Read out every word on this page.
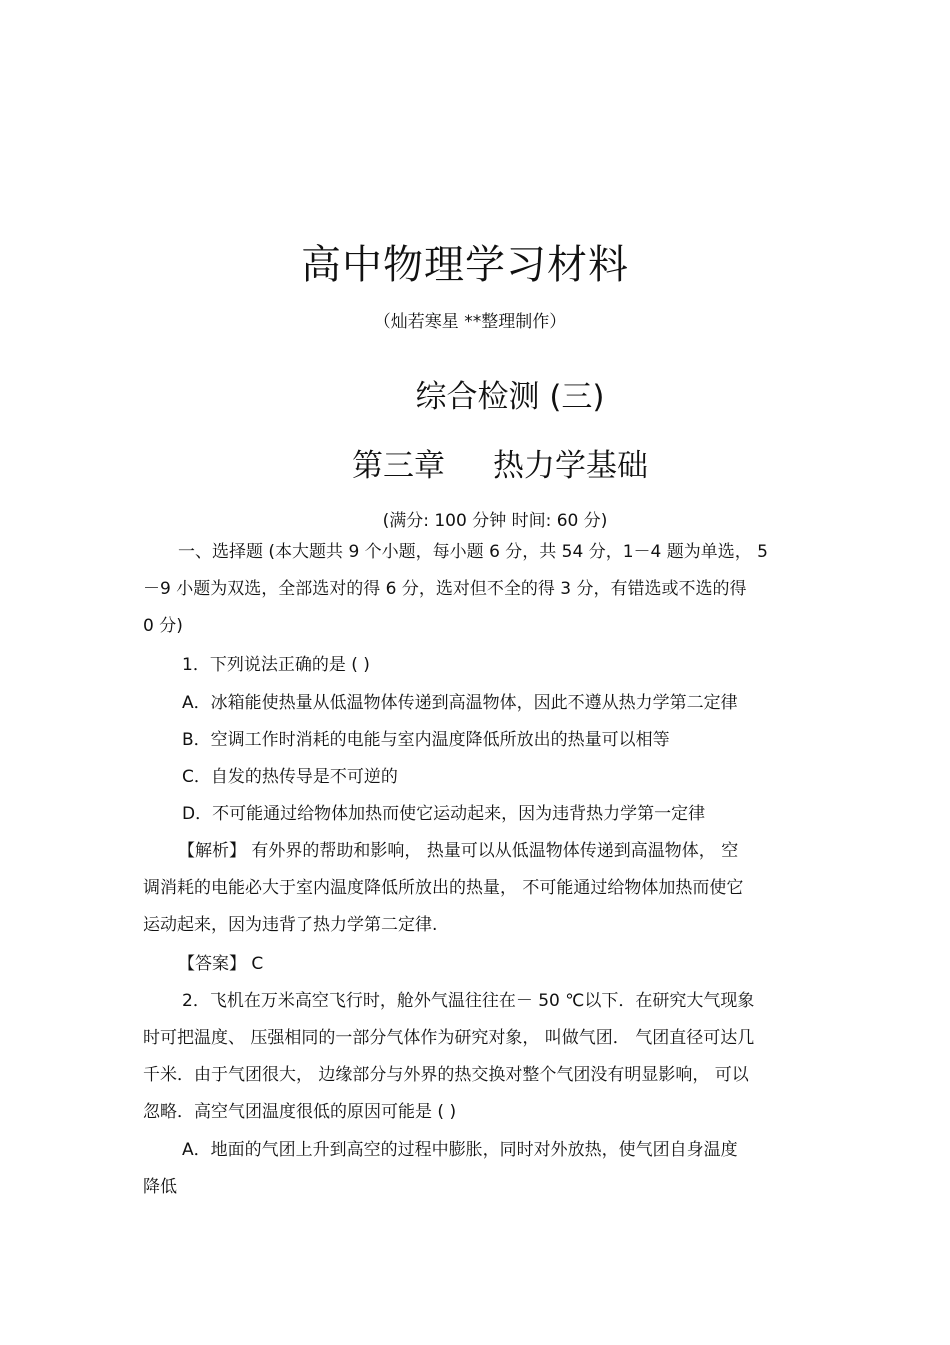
高中物理学习材料
（灿若寒星 **整理制作）
综合检测 (三)
第三章 热力学基础
(满分: 100 分钟 时间: 60 分)
一、选择题 (本大题共 9 个小题，每小题 6 分，共 54 分，1－4 题为单选， 5
－9 小题为双选，全部选对的得 6 分，选对但不全的得 3 分，有错选或不选的得
0 分)
1．下列说法正确的是 ( )
A．冰箱能使热量从低温物体传递到高温物体，因此不遵从热力学第二定律
B．空调工作时消耗的电能与室内温度降低所放出的热量可以相等
C．自发的热传导是不可逆的
D．不可能通过给物体加热而使它运动起来，因为违背热力学第一定律
【解析】 有外界的帮助和影响， 热量可以从低温物体传递到高温物体， 空
调消耗的电能必大于室内温度降低所放出的热量， 不可能通过给物体加热而使它
运动起来，因为违背了热力学第二定律.
【答案】 C
2．飞机在万米高空飞行时，舱外气温往往在－ 50 ℃以下．在研究大气现象
时可把温度、 压强相同的一部分气体作为研究对象， 叫做气团． 气团直径可达几
千米．由于气团很大， 边缘部分与外界的热交换对整个气团没有明显影响， 可以
忽略．高空气团温度很低的原因可能是 ( )
A．地面的气团上升到高空的过程中膨胀，同时对外放热，使气团自身温度
降低
